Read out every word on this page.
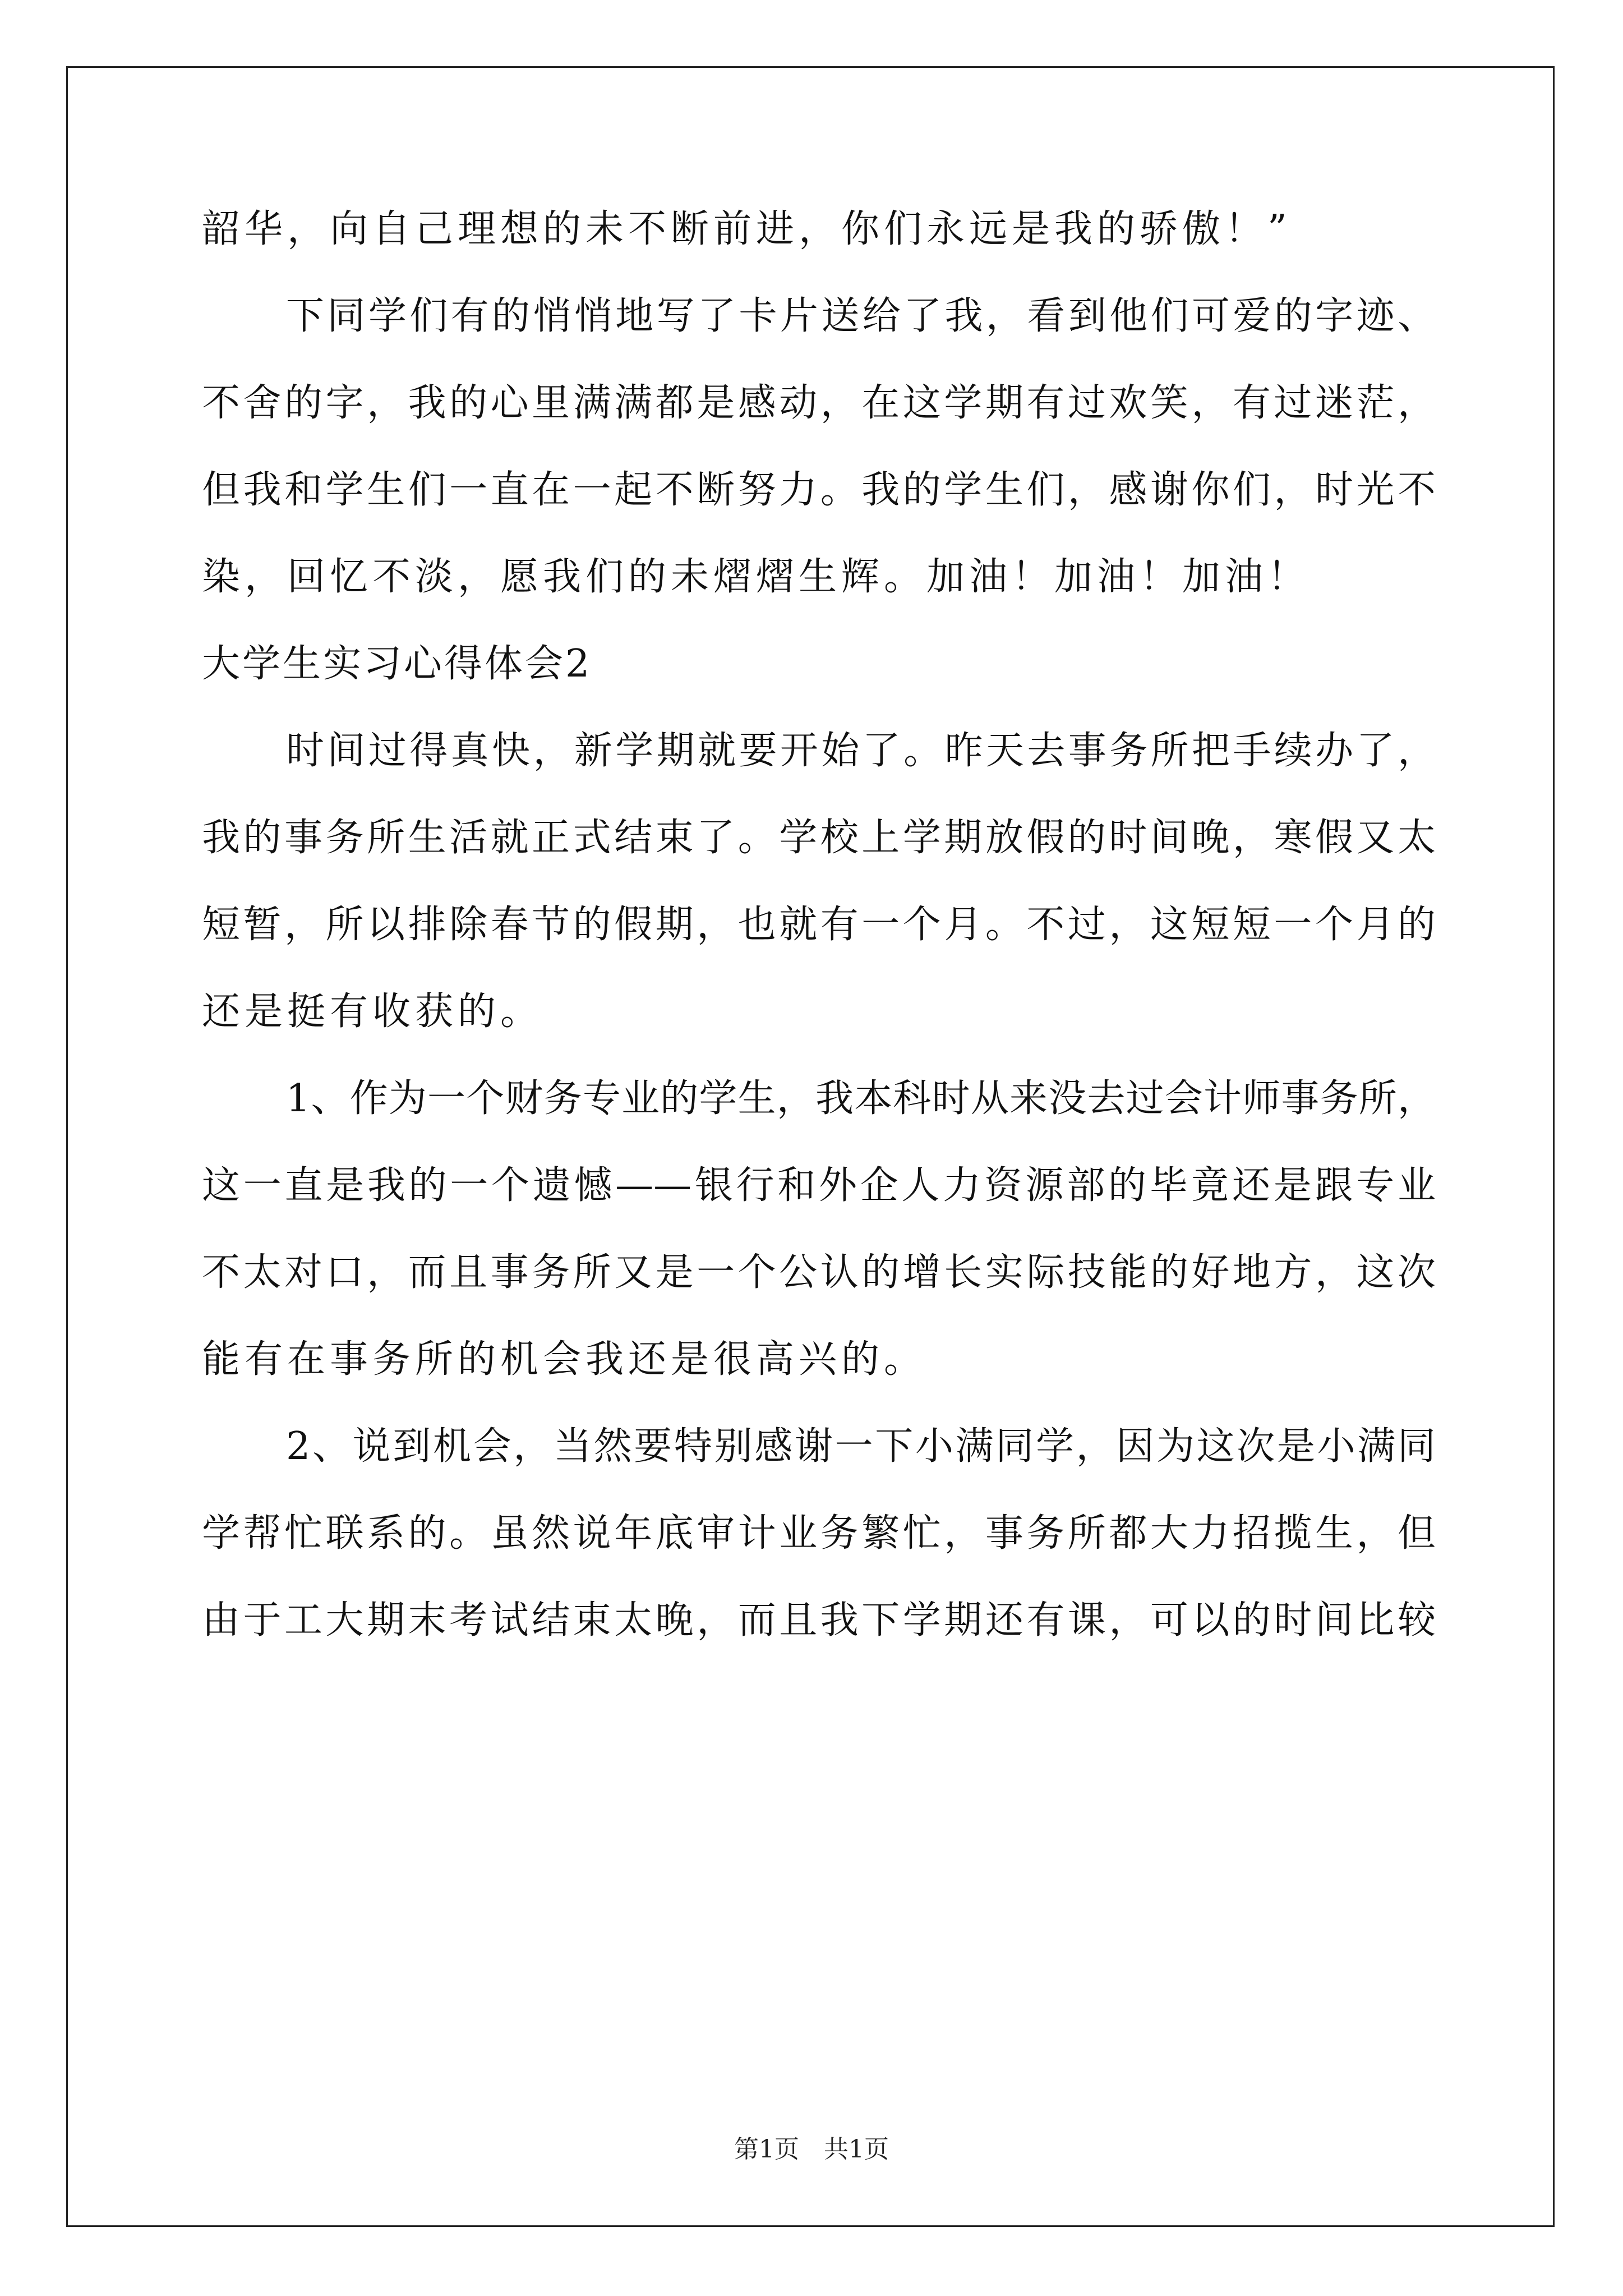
韶华，向自己理想的未不断前进，你们永远是我的骄傲！”
下同学们有的悄悄地写了卡片送给了我，看到他们可爱的字迹、
不舍的字，我的心里满满都是感动，在这学期有过欢笑，有过迷茫，
但我和学生们一直在一起不断努力。我的学生们，感谢你们，时光不
染，回忆不淡，愿我们的未熠熠生辉。加油！加油！加油！
大学生实习心得体会2
时间过得真快，新学期就要开始了。昨天去事务所把手续办了，
我的事务所生活就正式结束了。学校上学期放假的时间晚，寒假又太
短暂，所以排除春节的假期，也就有一个月。不过，这短短一个月的
还是挺有收获的。
1、作为一个财务专业的学生，我本科时从来没去过会计师事务所，
这一直是我的一个遗憾——银行和外企人力资源部的毕竟还是跟专业
不太对口，而且事务所又是一个公认的增长实际技能的好地方，这次
能有在事务所的机会我还是很高兴的。
2、说到机会，当然要特别感谢一下小满同学，因为这次是小满同
学帮忙联系的。虽然说年底审计业务繁忙，事务所都大力招揽生，但
由于工大期末考试结束太晚，而且我下学期还有课，可以的时间比较
第1页　共1页
